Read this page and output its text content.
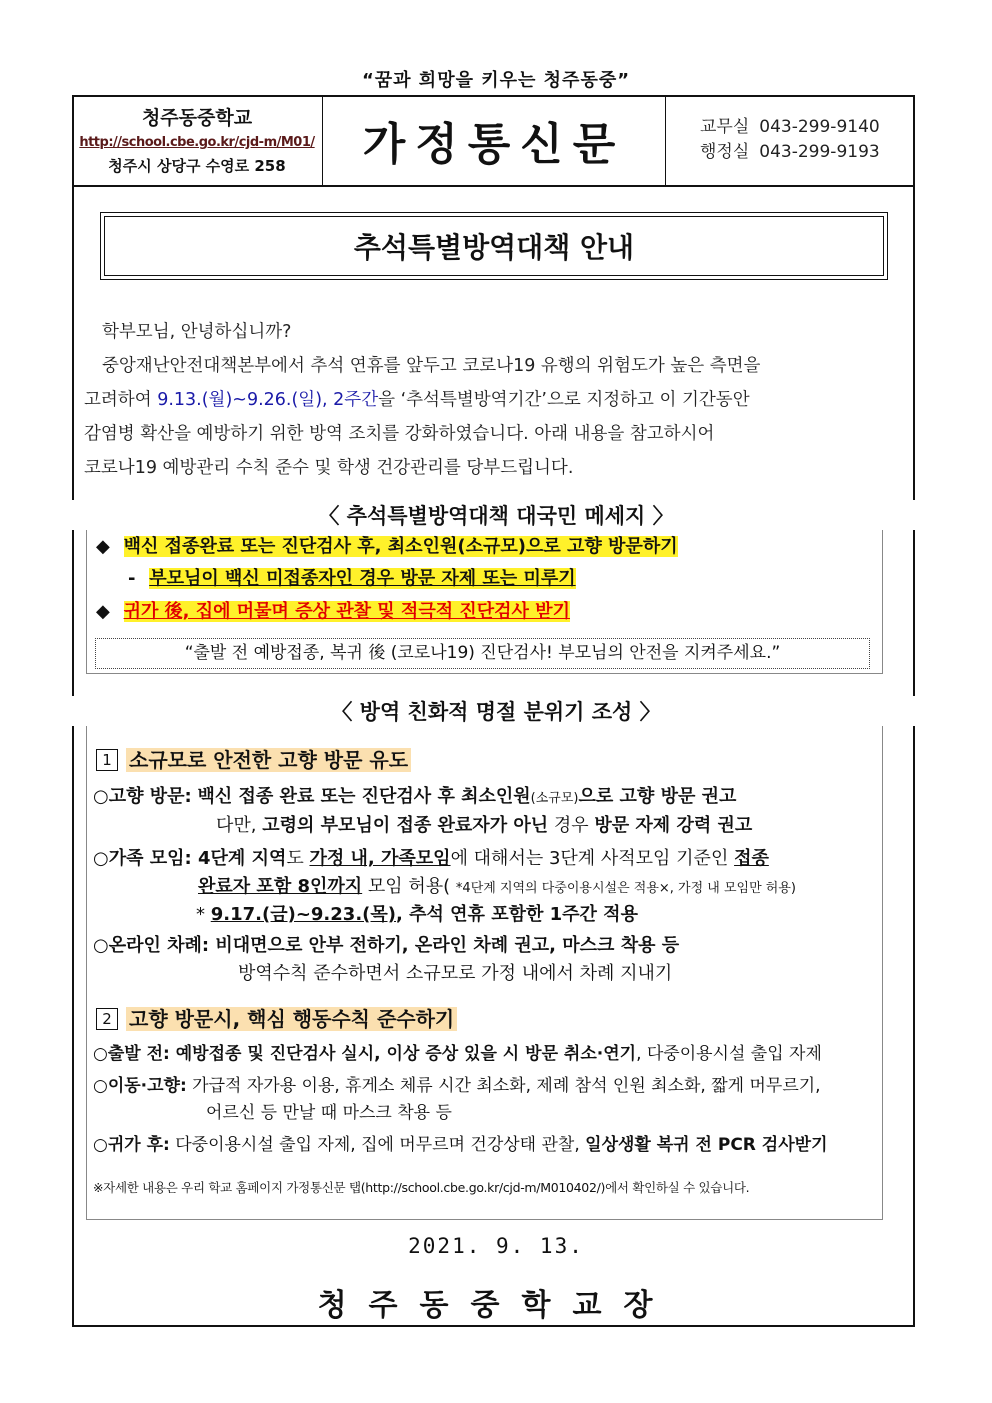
“꿈과 희망을 키우는 청주동중”
청주동중학교
http://school.cbe.go.kr/cjd-m/M01/
청주시 상당구 수영로 258	가정통신문	교무실 043-299-9140
행정실 043-299-9193
추석특별방역대책 안내

학부모님, 안녕하십니까?

중앙재난안전대책본부에서 추석 연휴를 앞두고 코로나19 유행의 위험도가 높은 측면을

고려하여 9.13.(월)~9.26.(일), 2주간을 ‘추석특별방역기간’으로 지정하고 이 기간동안

감염병 확산을 예방하기 위한 방역 조치를 강화하였습니다. 아래 내용을 참고하시어

코로나19 예방관리 수칙 준수 및 학생 건강관리를 당부드립니다.

〈 추석특별방역대책 대국민 메세지 〉
◆ 백신 접종완료 또는 진단검사 후, 최소인원(소규모)으로 고향 방문하기
- 부모님이 백신 미접종자인 경우 방문 자제 또는 미루기
◆ 귀가 後, 집에 머물며 증상 관찰 및 적극적 진단검사 받기
“출발 전 예방접종, 복귀 後 (코로나19) 진단검사! 부모님의 안전을 지켜주세요.”
〈 방역 친화적 명절 분위기 조성 〉
1 소규모로 안전한 고향 방문 유도
○고향 방문: 백신 접종 완료 또는 진단검사 후 최소인원(소규모)으로 고향 방문 권고
다만, 고령의 부모님이 접종 완료자가 아닌 경우 방문 자제 강력 권고
○가족 모임: 4단계 지역도 가정 내, 가족모임에 대해서는 3단계 사적모임 기준인 접종
완료자 포함 8인까지 모임 허용( *4단계 지역의 다중이용시설은 적용×, 가정 내 모임만 허용)
* 9.17.(금)~9.23.(목), 추석 연휴 포함한 1주간 적용
○온라인 차례: 비대면으로 안부 전하기, 온라인 차례 권고, 마스크 착용 등
방역수칙 준수하면서 소규모로 가정 내에서 차례 지내기
2 고향 방문시, 핵심 행동수칙 준수하기
○출발 전: 예방접종 및 진단검사 실시, 이상 증상 있을 시 방문 취소·연기, 다중이용시설 출입 자제
○이동·고향: 가급적 자가용 이용, 휴게소 체류 시간 최소화, 제례 참석 인원 최소화, 짧게 머무르기,
어르신 등 만날 때 마스크 착용 등
○귀가 후: 다중이용시설 출입 자제, 집에 머무르며 건강상태 관찰, 일상생활 복귀 전 PCR 검사받기
※자세한 내용은 우리 학교 홈페이지 가정통신문 탭(http://school.cbe.go.kr/cjd-m/M010402/)에서 확인하실 수 있습니다.
2021. 9. 13.
청주동중학교장
